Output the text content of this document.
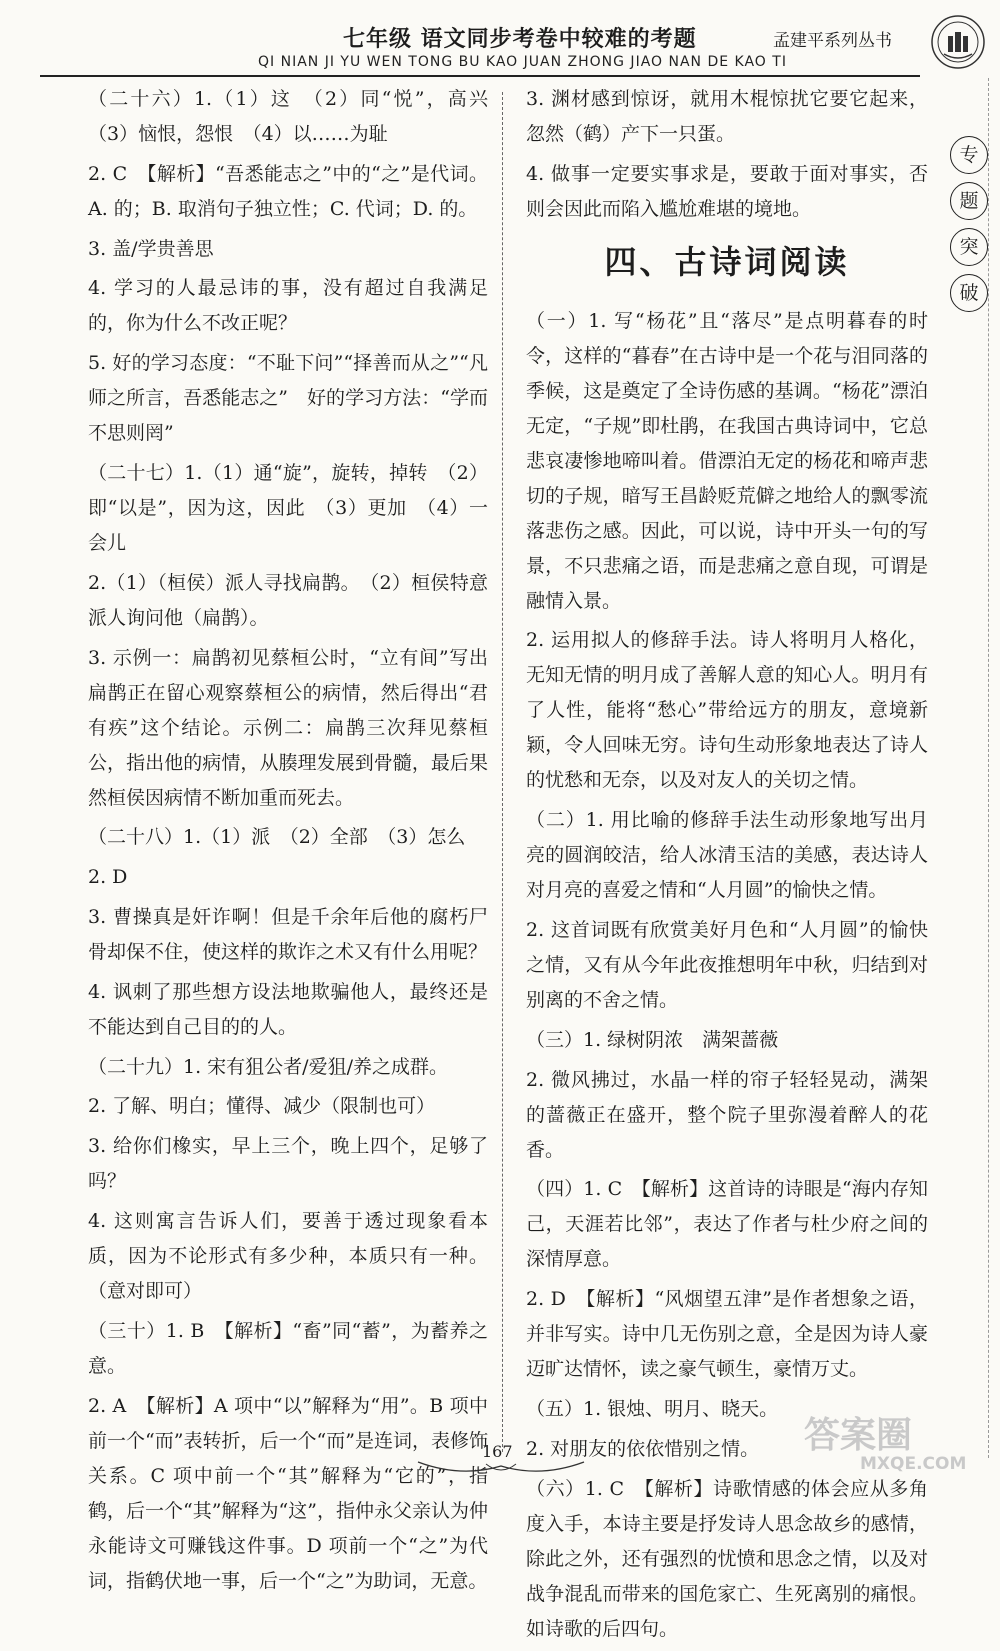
七年级 语文同步考卷中较难的考题	孟建平系列丛书
QI NIAN JI YU WEN TONG BU KAO JUAN ZHONG JIAO NAN DE KAO TI
专
题
突
破

（二十六）1.（1）这　（2）同“悦”，高兴　（3）恼恨，怨恨　（4）以……为耻

2. C　【解析】“吾悉能志之”中的“之”是代词。A. 的；B. 取消句子独立性；C. 代词；D. 的。

3. 盖/学贵善思

4. 学习的人最忌讳的事，没有超过自我满足的，你为什么不改正呢？

5. 好的学习态度：“不耻下问”“择善而从之”“凡师之所言，吾悉能志之”　好的学习方法：“学而不思则罔”

（二十七）1.（1）通“旋”，旋转，掉转　（2）即“以是”，因为这，因此　（3）更加　（4）一会儿

2.（1）（桓侯）派人寻找扁鹊。　（2）桓侯特意派人询问他（扁鹊）。

3. 示例一：扁鹊初见蔡桓公时，“立有间”写出扁鹊正在留心观察蔡桓公的病情，然后得出“君有疾”这个结论。示例二：扁鹊三次拜见蔡桓公，指出他的病情，从腠理发展到骨髓，最后果然桓侯因病情不断加重而死去。

（二十八）1.（1）派　（2）全部　（3）怎么

2. D

3. 曹操真是奸诈啊！但是千余年后他的腐朽尸骨却保不住，使这样的欺诈之术又有什么用呢？

4. 讽刺了那些想方设法地欺骗他人，最终还是不能达到自己目的的人。

（二十九）1. 宋有狙公者/爱狙/养之成群。

2. 了解、明白；懂得、减少（限制也可）

3. 给你们橡实，早上三个，晚上四个，足够了吗？

4. 这则寓言告诉人们，要善于透过现象看本质，因为不论形式有多少种，本质只有一种。（意对即可）

（三十）1. B　【解析】“畜”同“蓄”，为蓄养之意。

2. A　【解析】A 项中“以”解释为“用”。B 项中前一个“而”表转折，后一个“而”是连词，表修饰关系。C 项中前一个“其”解释为“它的”，指鹤，后一个“其”解释为“这”，指仲永父亲认为仲永能诗文可赚钱这件事。D 项前一个“之”为代词，指鹤伏地一事，后一个“之”为助词，无意。

3. 渊材感到惊讶，就用木棍惊扰它要它起来，忽然（鹤）产下一只蛋。

4. 做事一定要实事求是，要敢于面对事实，否则会因此而陷入尴尬难堪的境地。

四、古诗词阅读

（一）1. 写“杨花”且“落尽”是点明暮春的时令，这样的“暮春”在古诗中是一个花与泪同落的季候，这是奠定了全诗伤感的基调。“杨花”漂泊无定，“子规”即杜鹃，在我国古典诗词中，它总悲哀凄惨地啼叫着。借漂泊无定的杨花和啼声悲切的子规，暗写王昌龄贬荒僻之地给人的飘零流落悲伤之感。因此，可以说，诗中开头一句的写景，不只悲痛之语，而是悲痛之意自现，可谓是融情入景。

2. 运用拟人的修辞手法。诗人将明月人格化，无知无情的明月成了善解人意的知心人。明月有了人性，能将“愁心”带给远方的朋友，意境新颖，令人回味无穷。诗句生动形象地表达了诗人的忧愁和无奈，以及对友人的关切之情。

（二）1. 用比喻的修辞手法生动形象地写出月亮的圆润皎洁，给人冰清玉洁的美感，表达诗人对月亮的喜爱之情和“人月圆”的愉快之情。

2. 这首词既有欣赏美好月色和“人月圆”的愉快之情，又有从今年此夜推想明年中秋，归结到对别离的不舍之情。

（三）1. 绿树阴浓　满架蔷薇

2. 微风拂过，水晶一样的帘子轻轻晃动，满架的蔷薇正在盛开，整个院子里弥漫着醉人的花香。

（四）1. C　【解析】这首诗的诗眼是“海内存知己，天涯若比邻”，表达了作者与杜少府之间的深情厚意。

2. D　【解析】“风烟望五津”是作者想象之语，并非写实。诗中几无伤别之意，全是因为诗人豪迈旷达情怀，读之豪气顿生，豪情万丈。

（五）1. 银烛、明月、晓天。

2. 对朋友的依依惜别之情。

（六）1. C　【解析】诗歌情感的体会应从多角度入手，本诗主要是抒发诗人思念故乡的感情，除此之外，还有强烈的忧愤和思念之情，以及对战争混乱而带来的国危家亡、生死离别的痛恨。如诗歌的后四句。

167	答案圈
MXQE.COM
